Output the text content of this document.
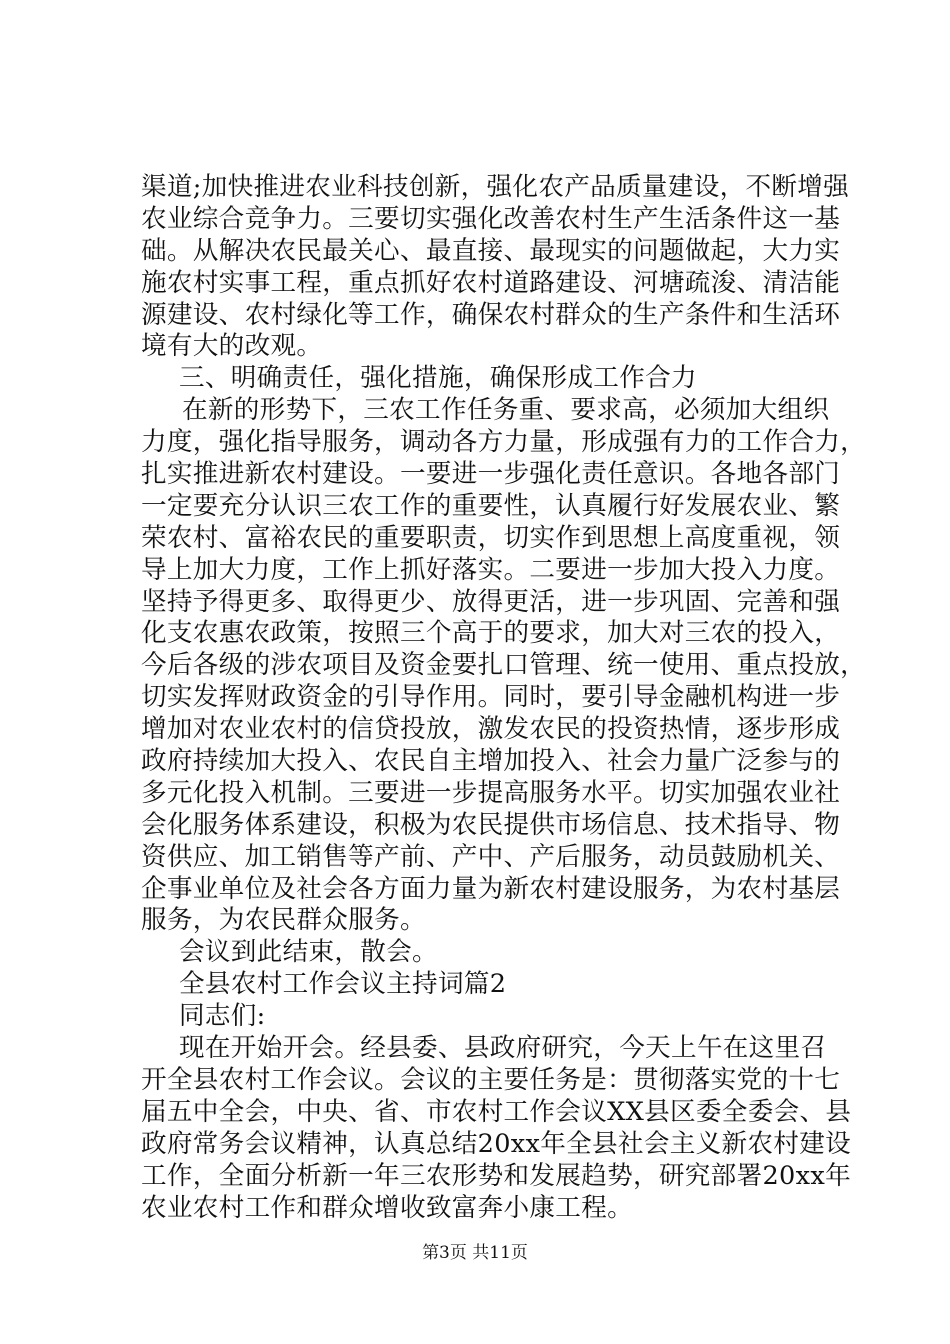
渠道;加快推进农业科技创新，强化农产品质量建设，不断增强
农业综合竞争力。三要切实强化改善农村生产生活条件这一基
础。从解决农民最关心、最直接、最现实的问题做起，大力实
施农村实事工程，重点抓好农村道路建设、河塘疏浚、清洁能
源建设、农村绿化等工作，确保农村群众的生产条件和生活环
境有大的改观。
三、明确责任，强化措施，确保形成工作合力
在新的形势下，三农工作任务重、要求高，必须加大组织
力度，强化指导服务，调动各方力量，形成强有力的工作合力，
扎实推进新农村建设。一要进一步强化责任意识。各地各部门
一定要充分认识三农工作的重要性，认真履行好发展农业、繁
荣农村、富裕农民的重要职责，切实作到思想上高度重视，领
导上加大力度，工作上抓好落实。二要进一步加大投入力度。
坚持予得更多、取得更少、放得更活，进一步巩固、完善和强
化支农惠农政策，按照三个高于的要求，加大对三农的投入，
今后各级的涉农项目及资金要扎口管理、统一使用、重点投放，
切实发挥财政资金的引导作用。同时，要引导金融机构进一步
增加对农业农村的信贷投放，激发农民的投资热情，逐步形成
政府持续加大投入、农民自主增加投入、社会力量广泛参与的
多元化投入机制。三要进一步提高服务水平。切实加强农业社
会化服务体系建设，积极为农民提供市场信息、技术指导、物
资供应、加工销售等产前、产中、产后服务，动员鼓励机关、
企事业单位及社会各方面力量为新农村建设服务，为农村基层
服务，为农民群众服务。
会议到此结束，散会。
全县农村工作会议主持词篇2
同志们:
现在开始开会。经县委、县政府研究，今天上午在这里召
开全县农村工作会议。会议的主要任务是：贯彻落实党的十七
届五中全会，中央、省、市农村工作会议XX县区委全委会、县
政府常务会议精神，认真总结20xx年全县社会主义新农村建设
工作，全面分析新一年三农形势和发展趋势，研究部署20xx年
农业农村工作和群众增收致富奔小康工程。
第3页 共11页
